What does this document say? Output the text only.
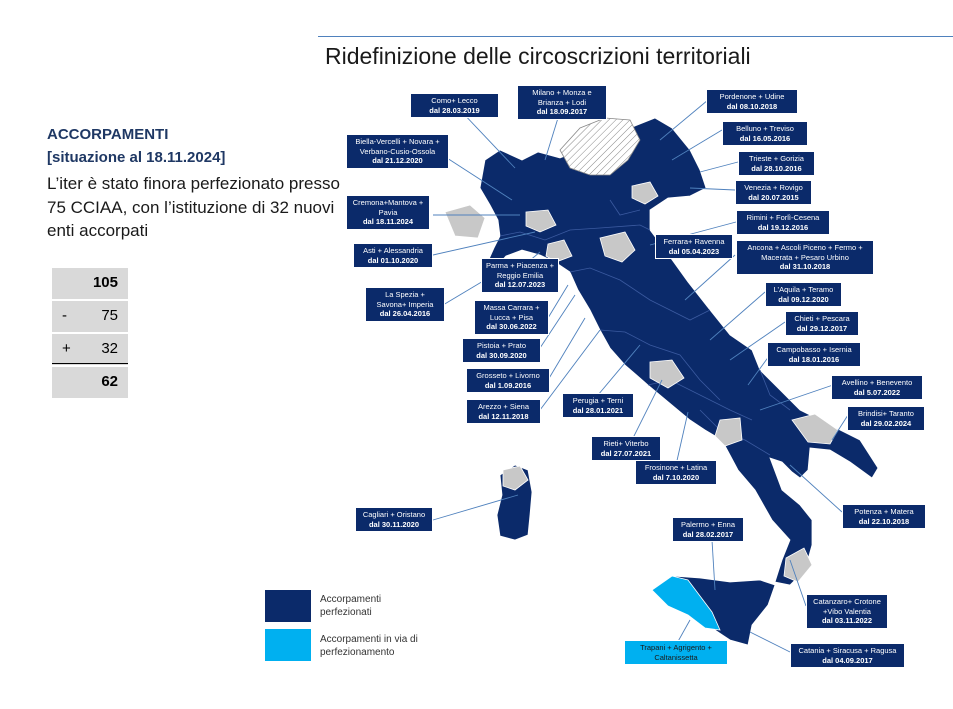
Ridefinizione delle circoscrizioni territoriali
ACCORPAMENTI
[situazione al 18.11.2024]
L’iter è stato finora perfezionato presso 75 CCIAA, con l’istituzione di 32 nuovi enti accorpati
105
- 75
+ 32
62
Como+ Lecco
dal 28.03.2019
Milano + Monza e Brianza + Lodi
dal 18.09.2017
Pordenone + Udine
dal 08.10.2018
Biella-Vercelli + Novara + Verbano-Cusio-Ossola
dal 21.12.2020
Belluno + Treviso
dal 16.05.2016
Trieste + Gorizia
dal 28.10.2016
Venezia + Rovigo
dal 20.07.2015
Cremona+Mantova + Pavia
dal 18.11.2024	Rimini + Forlì-Cesena
dal 19.12.2016
Ferrara+ Ravenna
dal 05.04.2023	Ancona + Ascoli Piceno + Fermo + Macerata + Pesaro Urbino
dal 31.10.2018
Asti + Alessandria
dal 01.10.2020
Parma + Piacenza + Reggio Emilia
dal 12.07.2023
L’Aquila + Teramo
dal 09.12.2020
La Spezia + Savona+ Imperia
dal 26.04.2016
Massa Carrara + Lucca + Pisa
dal 30.06.2022
Chieti + Pescara
dal 29.12.2017
Pistoia + Prato
dal 30.09.2020
Campobasso + Isernia
dal 18.01.2016
Grosseto + Livorno
dal 1.09.2016	Avellino + Benevento
dal 5.07.2022
Perugia + Terni
dal 28.01.2021
Arezzo + Siena
dal 12.11.2018	Brindisi+ Taranto
dal 29.02.2024
Rieti+ Viterbo
dal 27.07.2021
Frosinone + Latina
dal 7.10.2020
Cagliari + Oristano
dal 30.11.2020
Potenza + Matera
dal 22.10.2018
Palermo + Enna
dal 28.02.2017
Catanzaro+ Crotone +Vibo Valentia
dal 03.11.2022
Trapani + Agrigento + Caltanissetta
Catania + Siracusa + Ragusa
dal 04.09.2017
Accorpamenti perfezionati
Accorpamenti in via di perfezionamento
